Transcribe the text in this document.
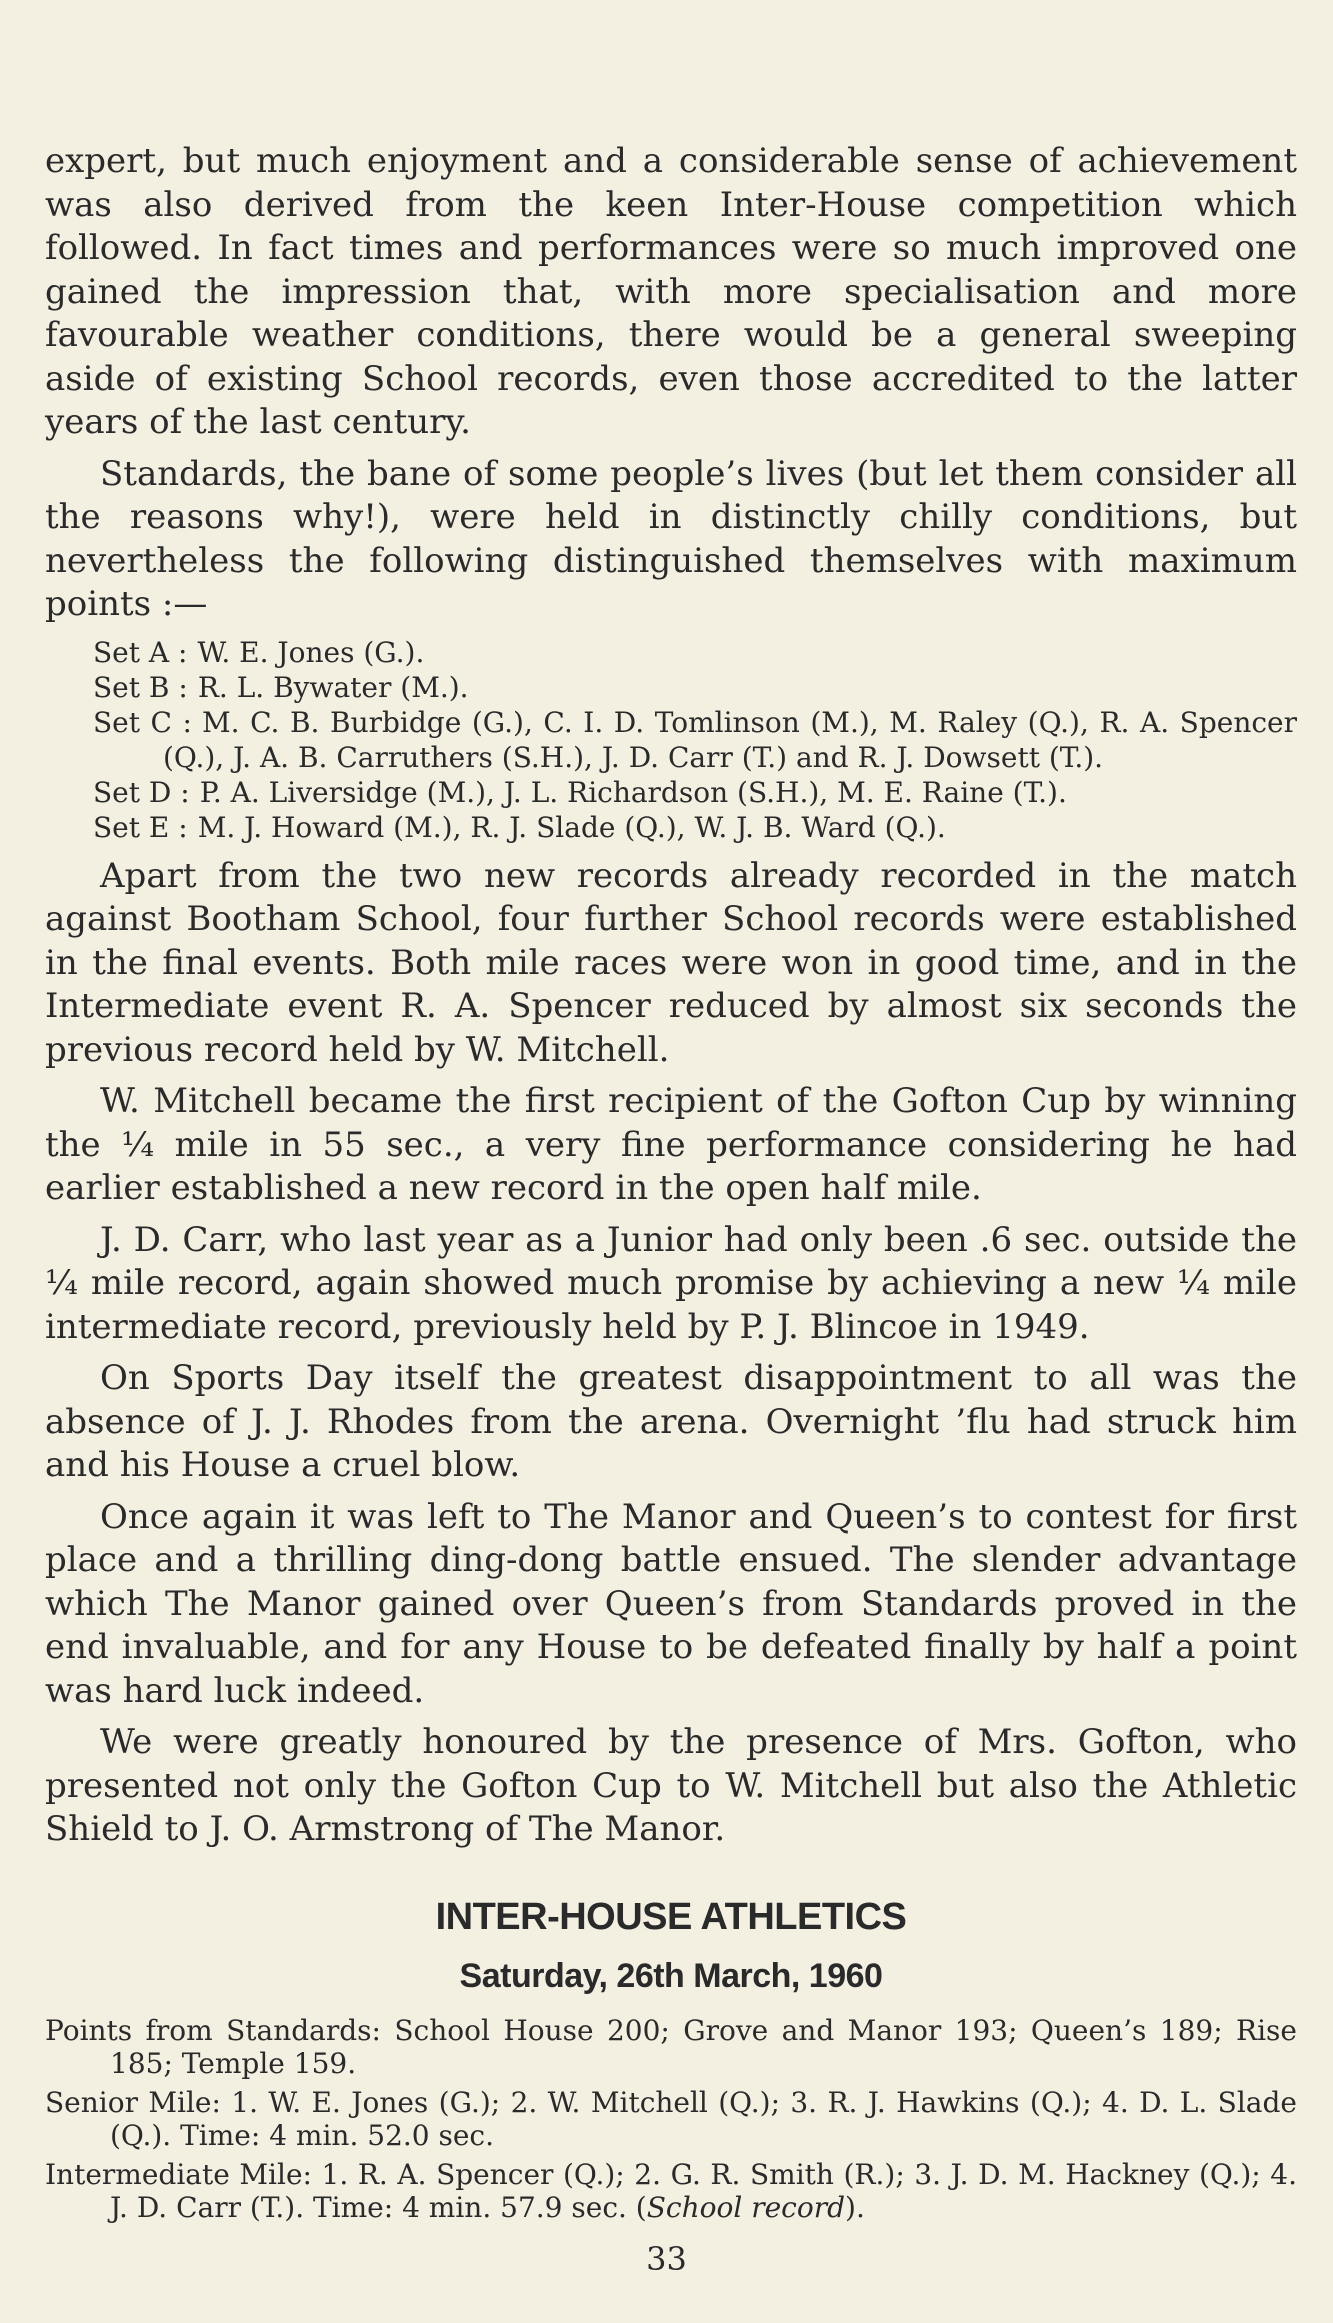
expert, but much enjoyment and a considerable sense of achievement was also derived from the keen Inter-House competition which followed. In fact times and performances were so much improved one gained the impression that, with more specialisation and more favourable weather conditions, there would be a general sweeping aside of existing School records, even those accredited to the latter years of the last century.

Standards, the bane of some people’s lives (but let them consider all the reasons why!), were held in distinctly chilly conditions, but nevertheless the following distinguished themselves with maximum points :—

Set A : W. E. Jones (G.).
Set B : R. L. Bywater (M.).
Set C : M. C. B. Burbidge (G.), C. I. D. Tomlinson (M.), M. Raley (Q.), R. A. Spencer (Q.), J. A. B. Carruthers (S.H.), J. D. Carr (T.) and R. J. Dowsett (T.).
Set D : P. A. Liversidge (M.), J. L. Richardson (S.H.), M. E. Raine (T.).
Set E : M. J. Howard (M.), R. J. Slade (Q.), W. J. B. Ward (Q.).

Apart from the two new records already recorded in the match against Bootham School, four further School records were established in the final events. Both mile races were won in good time, and in the Intermediate event R. A. Spencer reduced by almost six seconds the previous record held by W. Mitchell.

W. Mitchell became the first recipient of the Gofton Cup by winning the ¼ mile in 55 sec., a very fine performance considering he had earlier established a new record in the open half mile.

J. D. Carr, who last year as a Junior had only been .6 sec. outside the ¼ mile record, again showed much promise by achieving a new ¼ mile intermediate record, previously held by P. J. Blincoe in 1949.

On Sports Day itself the greatest disappointment to all was the absence of J. J. Rhodes from the arena. Overnight ’flu had struck him and his House a cruel blow.

Once again it was left to The Manor and Queen’s to contest for first place and a thrilling ding-dong battle ensued. The slender advantage which The Manor gained over Queen’s from Standards proved in the end invaluable, and for any House to be defeated finally by half a point was hard luck indeed.

We were greatly honoured by the presence of Mrs. Gofton, who presented not only the Gofton Cup to W. Mitchell but also the Athletic Shield to J. O. Armstrong of The Manor.

INTER-HOUSE ATHLETICS
Saturday, 26th March, 1960

Points from Standards: School House 200; Grove and Manor 193; Queen’s 189; Rise 185; Temple 159.

Senior Mile: 1. W. E. Jones (G.); 2. W. Mitchell (Q.); 3. R. J. Hawkins (Q.); 4. D. L. Slade (Q.). Time: 4 min. 52.0 sec.

Intermediate Mile: 1. R. A. Spencer (Q.); 2. G. R. Smith (R.); 3. J. D. M. Hackney (Q.); 4. J. D. Carr (T.). Time: 4 min. 57.9 sec. (School record).

33
